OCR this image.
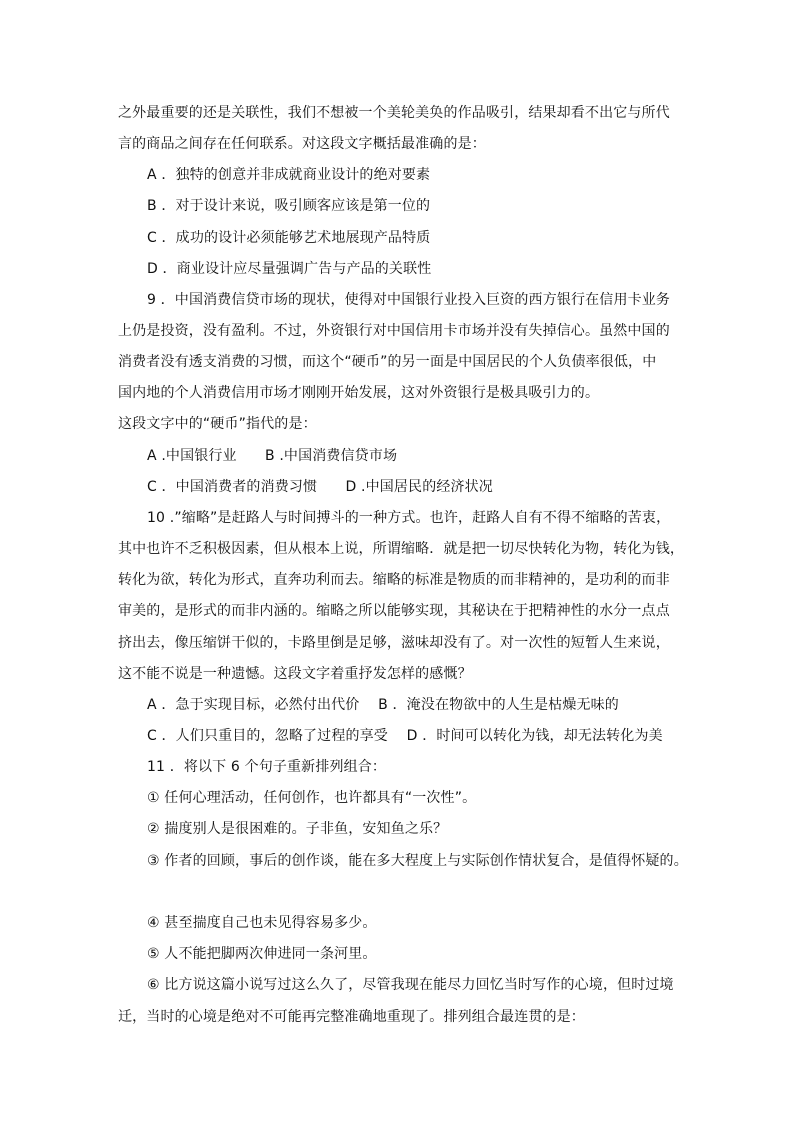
之外最重要的还是关联性，我们不想被一个美轮美奂的作品吸引，结果却看不出它与所代
言的商品之间存在任何联系。对这段文字概括最准确的是：
A ．独特的创意并非成就商业设计的绝对要素
B ．对于设计来说，吸引顾客应该是第一位的
C ．成功的设计必须能够艺术地展现产品特质
D ．商业设计应尽量强调广告与产品的关联性
9 ．中国消费信贷市场的现状，使得对中国银行业投入巨资的西方银行在信用卡业务
上仍是投资，没有盈利。不过，外资银行对中国信用卡市场并没有失掉信心。虽然中国的
消费者没有透支消费的习惯，而这个“硬币”的另一面是中国居民的个人负债率很低，中
国内地的个人消费信用市场才刚刚开始发展，这对外资银行是极具吸引力的。
这段文字中的“硬币”指代的是：
A .中国银行业　　B .中国消费信贷市场
C ．中国消费者的消费习惯　　D .中国居民的经济状况
10 .”缩略”是赶路人与时间搏斗的一种方式。也许，赶路人自有不得不缩略的苦衷，
其中也许不乏积极因素，但从根本上说，所谓缩略．就是把一切尽快转化为物，转化为钱，
转化为欲，转化为形式，直奔功利而去。缩略的标准是物质的而非精神的，是功利的而非
审美的，是形式的而非内涵的。缩略之所以能够实现，其秘诀在于把精神性的水分一点点
挤出去，像压缩饼干似的，卡路里倒是足够，滋味却没有了。对一次性的短暂人生来说，
这不能不说是一种遗憾。这段文字着重抒发怎样的感慨？
A ．急于实现目标，必然付出代价　 B ．淹没在物欲中的人生是枯燥无味的
C ．人们只重目的，忽略了过程的享受　 D ．时间可以转化为钱，却无法转化为美
11 ．将以下 6 个句子重新排列组合：
① 任何心理活动，任何创作，也许都具有“一次性”。
② 揣度别人是很困难的。子非鱼，安知鱼之乐？
③ 作者的回顾，事后的创作谈，能在多大程度上与实际创作情状复合，是值得怀疑的。
④ 甚至揣度自己也未见得容易多少。
⑤ 人不能把脚两次伸进同一条河里。
⑥ 比方说这篇小说写过这么久了，尽管我现在能尽力回忆当时写作的心境，但时过境
迁，当时的心境是绝对不可能再完整准确地重现了。排列组合最连贯的是：
